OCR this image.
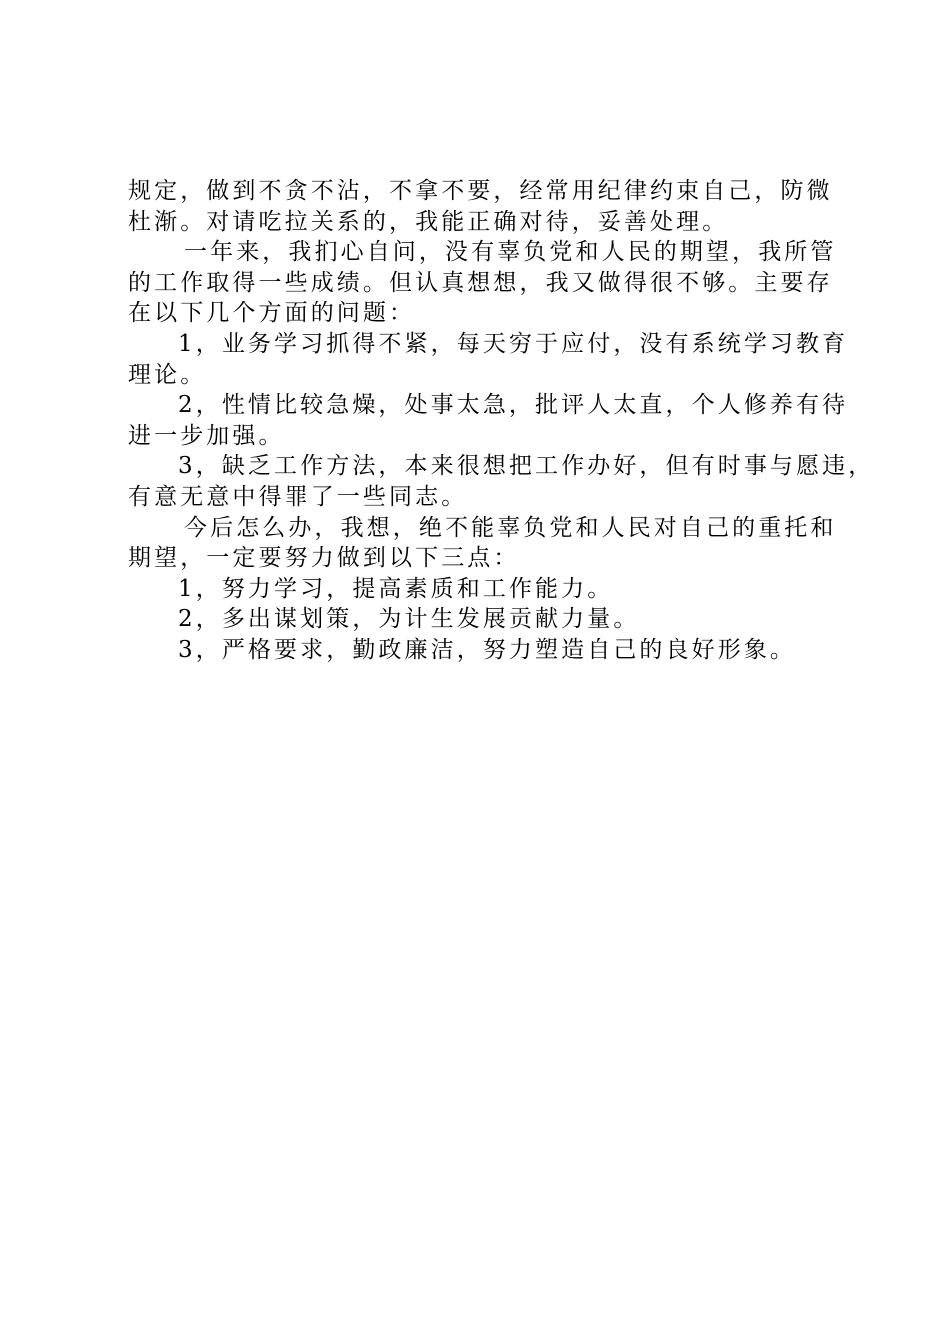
规定，做到不贪不沾，不拿不要，经常用纪律约束自己，防微
杜渐。对请吃拉关系的，我能正确对待，妥善处理。
一年来，我扪心自问，没有辜负党和人民的期望，我所管
的工作取得一些成绩。但认真想想，我又做得很不够。主要存
在以下几个方面的问题：
1，业务学习抓得不紧，每天穷于应付，没有系统学习教育
理论。
2，性情比较急燥，处事太急，批评人太直，个人修养有待
进一步加强。
3，缺乏工作方法，本来很想把工作办好，但有时事与愿违，
有意无意中得罪了一些同志。
今后怎么办，我想，绝不能辜负党和人民对自己的重托和
期望，一定要努力做到以下三点：
1，努力学习，提高素质和工作能力。
2，多出谋划策，为计生发展贡献力量。
3，严格要求，勤政廉洁，努力塑造自己的良好形象。
